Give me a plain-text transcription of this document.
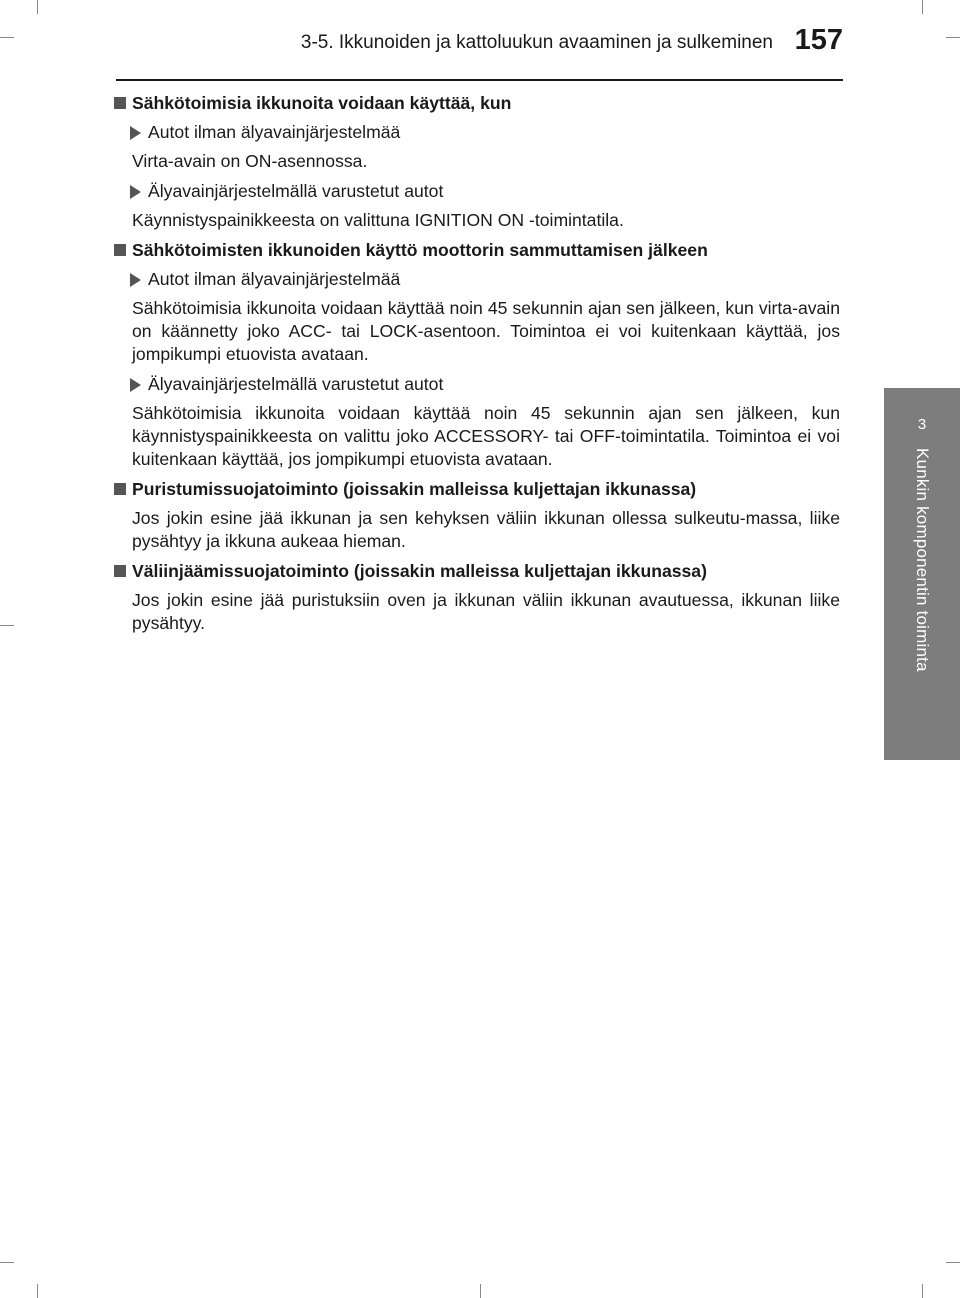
3-5. Ikkunoiden ja kattoluukun avaaminen ja sulkeminen 157
3
Kunkin komponentin toiminta
Sähkötoimisia ikkunoita voidaan käyttää, kun
Autot ilman älyavainjärjestelmää

Virta-avain on ON-asennossa.

Älyavainjärjestelmällä varustetut autot

Käynnistyspainikkeesta on valittuna IGNITION ON -toimintatila.

Sähkötoimisten ikkunoiden käyttö moottorin sammuttamisen jälkeen
Autot ilman älyavainjärjestelmää

Sähkötoimisia ikkunoita voidaan käyttää noin 45 sekunnin ajan sen jälkeen, kun virta-avain on käännetty joko ACC- tai LOCK-asentoon. Toimintoa ei voi kuitenkaan käyttää, jos jompikumpi etuovista avataan.

Älyavainjärjestelmällä varustetut autot

Sähkötoimisia ikkunoita voidaan käyttää noin 45 sekunnin ajan sen jälkeen, kun käynnistyspainikkeesta on valittu joko ACCESSORY- tai OFF-toimintatila. Toimintoa ei voi kuitenkaan käyttää, jos jompikumpi etuovista avataan.

Puristumissuojatoiminto (joissakin malleissa kuljettajan ikkunassa)

Jos jokin esine jää ikkunan ja sen kehyksen väliin ikkunan ollessa sulkeutu-massa, liike pysähtyy ja ikkuna aukeaa hieman.

Väliinjäämissuojatoiminto (joissakin malleissa kuljettajan ikkunassa)

Jos jokin esine jää puristuksiin oven ja ikkunan väliin ikkunan avautuessa, ikkunan liike pysähtyy.
